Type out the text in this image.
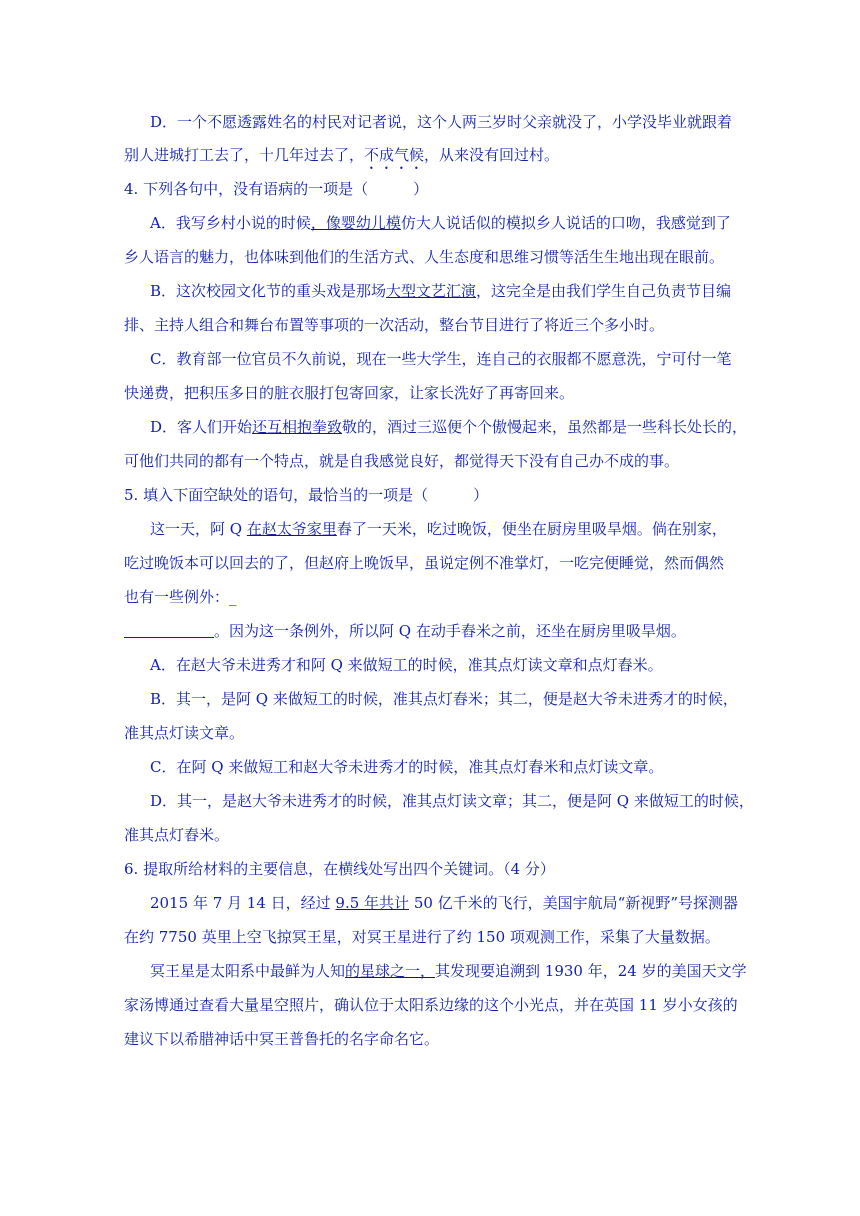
D．一个不愿透露姓名的村民对记者说，这个人两三岁时父亲就没了，小学没毕业就跟着
别人进城打工去了，十几年过去了，不成气候，从来没有回过村。
4. 下列各句中，没有语病的一项是（　　　）
A．我写乡村小说的时候，像婴幼儿模仿大人说话似的模拟乡人说话的口吻，我感觉到了
乡人语言的魅力，也体味到他们的生活方式、人生态度和思维习惯等活生生地出现在眼前。
B．这次校园文化节的重头戏是那场大型文艺汇演，这完全是由我们学生自己负责节目编
排、主持人组合和舞台布置等事项的一次活动，整台节目进行了将近三个多小时。
C．教育部一位官员不久前说，现在一些大学生，连自己的衣服都不愿意洗，宁可付一笔
快递费，把积压多日的脏衣服打包寄回家，让家长洗好了再寄回来。
D．客人们开始还互相抱拳致敬的，酒过三巡便个个傲慢起来，虽然都是一些科长处长的，
可他们共同的都有一个特点，就是自我感觉良好，都觉得天下没有自己办不成的事。
5. 填入下面空缺处的语句，最恰当的一项是（　　　）
这一天，阿 Q 在赵太爷家里舂了一天米，吃过晚饭，便坐在厨房里吸旱烟。倘在别家，
吃过晚饭本可以回去的了，但赵府上晚饭早，虽说定例不准掌灯，一吃完便睡觉，然而偶然
也有一些例外：_
。因为这一条例外，所以阿 Q 在动手舂米之前，还坐在厨房里吸旱烟。
A．在赵大爷未进秀才和阿 Q 来做短工的时候，准其点灯读文章和点灯舂米。
B．其一，是阿 Q 来做短工的时候，准其点灯舂米；其二，便是赵大爷未进秀才的时候，
准其点灯读文章。
C．在阿 Q 来做短工和赵大爷未进秀才的时候，准其点灯舂米和点灯读文章。
D．其一，是赵大爷未进秀才的时候，准其点灯读文章；其二，便是阿 Q 来做短工的时候，
准其点灯舂米。
6. 提取所给材料的主要信息，在横线处写出四个关键词。（4 分）
2015 年 7 月 14 日，经过 9.5 年共计 50 亿千米的飞行，美国宇航局“新视野”号探测器
在约 7750 英里上空飞掠冥王星，对冥王星进行了约 150 项观测工作，采集了大量数据。
冥王星是太阳系中最鲜为人知的星球之一，其发现要追溯到 1930 年，24 岁的美国天文学
家汤博通过查看大量星空照片，确认位于太阳系边缘的这个小光点，并在英国 11 岁小女孩的
建议下以希腊神话中冥王普鲁托的名字命名它。
